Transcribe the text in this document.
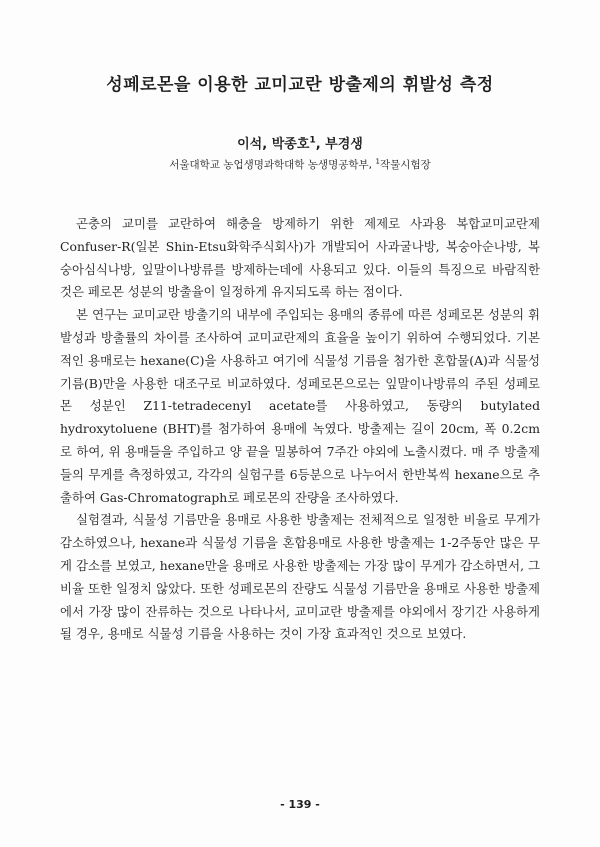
성페로몬을 이용한 교미교란 방출제의 휘발성 측정
이석, 박종호$^1$, 부경생
서울대학교 농업생명과학대학 농생명공학부, $^1$작물시험장

곤충의 교미를 교란하여 해충을 방제하기 위한 제제로 사과용 복합교미교란제 Confuser-R(일본 Shin-Etsu화학주식회사)가 개발되어 사과굴나방, 복숭아순나방, 복숭아심식나방, 잎말이나방류를 방제하는데에 사용되고 있다. 이들의 특징으로 바람직한 것은 페로몬 성분의 방출율이 일정하게 유지되도록 하는 점이다.

본 연구는 교미교란 방출기의 내부에 주입되는 용매의 종류에 따른 성페로몬 성분의 휘발성과 방출률의 차이를 조사하여 교미교란제의 효율을 높이기 위하여 수행되었다. 기본적인 용매로는 hexane(C)을 사용하고 여기에 식물성 기름을 첨가한 혼합물(A)과 식물성 기름(B)만을 사용한 대조구로 비교하였다. 성페로몬으로는 잎말이나방류의 주된 성페로몬 성분인 Z11-tetradecenyl acetate를 사용하였고, 동량의 butylated hydroxytoluene (BHT)를 첨가하여 용매에 녹였다. 방출제는 길이 20cm, 폭 0.2cm 로 하여, 위 용매들을 주입하고 양 끝을 밀봉하여 7주간 야외에 노출시켰다. 매 주 방출제들의 무게를 측정하였고, 각각의 실험구를 6등분으로 나누어서 한반복씩 hexane으로 추출하여 Gas-Chromatograph로 페로몬의 잔량을 조사하였다.

실험결과, 식물성 기름만을 용매로 사용한 방출제는 전체적으로 일정한 비율로 무게가 감소하였으나, hexane과 식물성 기름을 혼합용매로 사용한 방출제는 1-2주동안 많은 무게 감소를 보였고, hexane만을 용매로 사용한 방출제는 가장 많이 무게가 감소하면서, 그 비율 또한 일정치 않았다. 또한 성페로몬의 잔량도 식물성 기름만을 용매로 사용한 방출제에서 가장 많이 잔류하는 것으로 나타나서, 교미교란 방출제를 야외에서 장기간 사용하게 될 경우, 용매로 식물성 기름을 사용하는 것이 가장 효과적인 것으로 보였다.

- 139 -
